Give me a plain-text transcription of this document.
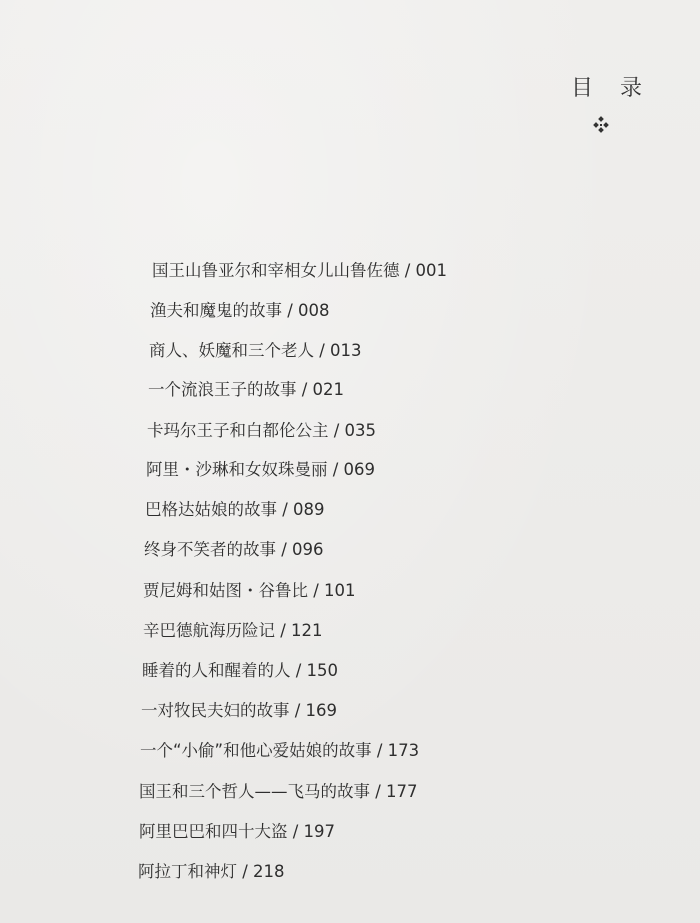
目 录
国王山鲁亚尔和宰相女儿山鲁佐德 / 001
渔夫和魔鬼的故事 / 008
商人、妖魔和三个老人 / 013
一个流浪王子的故事 / 021
卡玛尔王子和白都伦公主 / 035
阿里・沙琳和女奴珠曼丽 / 069
巴格达姑娘的故事 / 089
终身不笑者的故事 / 096
贾尼姆和姑图・谷鲁比 / 101
辛巴德航海历险记 / 121
睡着的人和醒着的人 / 150
一对牧民夫妇的故事 / 169
一个“小偷”和他心爱姑娘的故事 / 173
国王和三个哲人——飞马的故事 / 177
阿里巴巴和四十大盗 / 197
阿拉丁和神灯 / 218
